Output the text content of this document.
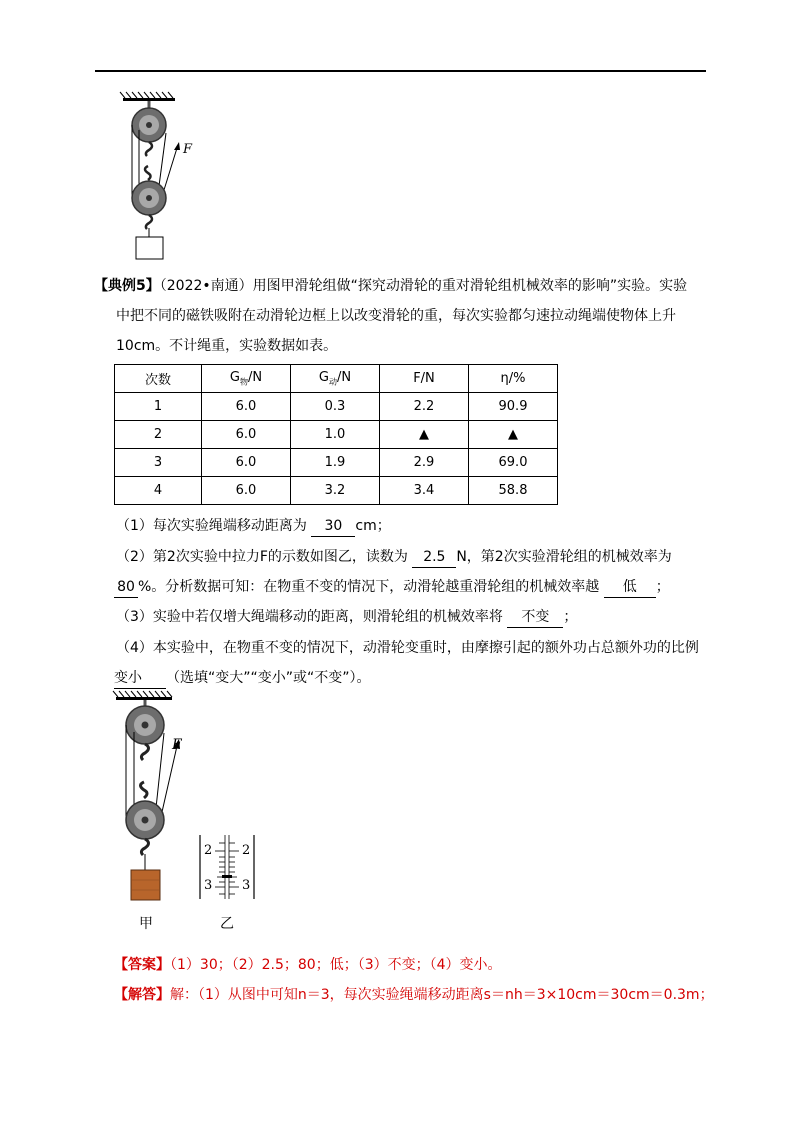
F
【典例5】（2022•南通）用图甲滑轮组做“探究动滑轮的重对滑轮组机械效率的影响”实验。实验
中把不同的磁铁吸附在动滑轮边框上以改变滑轮的重，每次实验都匀速拉动绳端使物体上升
10cm。不计绳重，实验数据如表。
次数	$G_物/N$	$G_动/N$	F/N	η/%
1	6.0	0.3	2.2	90.9
2	6.0	1.0	▲	▲
3	6.0	1.9	2.9	69.0
4	6.0	3.2	3.4	58.8
（1）每次实验绳端移动距离为 30 cm；
（2）第2次实验中拉力F的示数如图乙，读数为 2.5 N，第2次实验滑轮组的机械效率为
80 %。分析数据可知：在物重不变的情况下，动滑轮越重滑轮组的机械效率越 低 ；
（3）实验中若仅增大绳端移动的距离，则滑轮组的机械效率将 不变 ；
（4）本实验中，在物重不变的情况下，动滑轮变重时，由摩擦引起的额外功占总额外功的比例
变小 （选填“变大”“变小”或“不变”）。
F
2 2
3 3
甲	乙
【答案】（1）30；（2）2.5；80；低；（3）不变；（4）变小。
【解答】解：（1）从图中可知n＝3，每次实验绳端移动距离s＝nh＝3×10cm＝30cm＝0.3m；
